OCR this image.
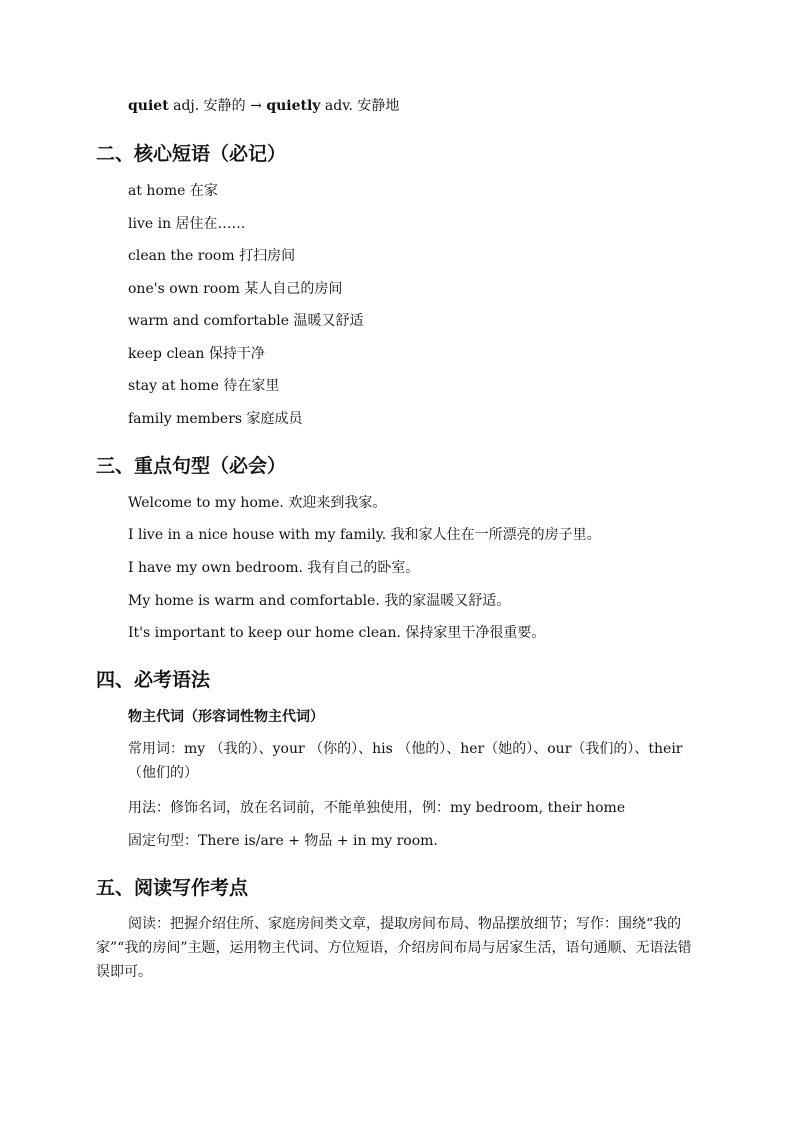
quiet adj. 安静的 → quietly adv. 安静地
二、核心短语（必记）
at home 在家
live in 居住在……
clean the room 打扫房间
one's own room 某人自己的房间
warm and comfortable 温暖又舒适
keep clean 保持干净
stay at home 待在家里
family members 家庭成员
三、重点句型（必会）
Welcome to my home. 欢迎来到我家。
I live in a nice house with my family. 我和家人住在一所漂亮的房子里。
I have my own bedroom. 我有自己的卧室。
My home is warm and comfortable. 我的家温暖又舒适。
It's important to keep our home clean. 保持家里干净很重要。
四、必考语法
物主代词（形容词性物主代词）
常用词：my （我的）、your （你的）、his （他的）、her（她的）、our（我们的）、their （他们的）
用法：修饰名词，放在名词前，不能单独使用，例：my bedroom, their home
固定句型：There is/are + 物品 + in my room.
五、阅读写作考点
阅读：把握介绍住所、家庭房间类文章，提取房间布局、物品摆放细节；写作：围绕“我的家”“我的房间”主题，运用物主代词、方位短语，介绍房间布局与居家生活，语句通顺、无语法错误即可。
